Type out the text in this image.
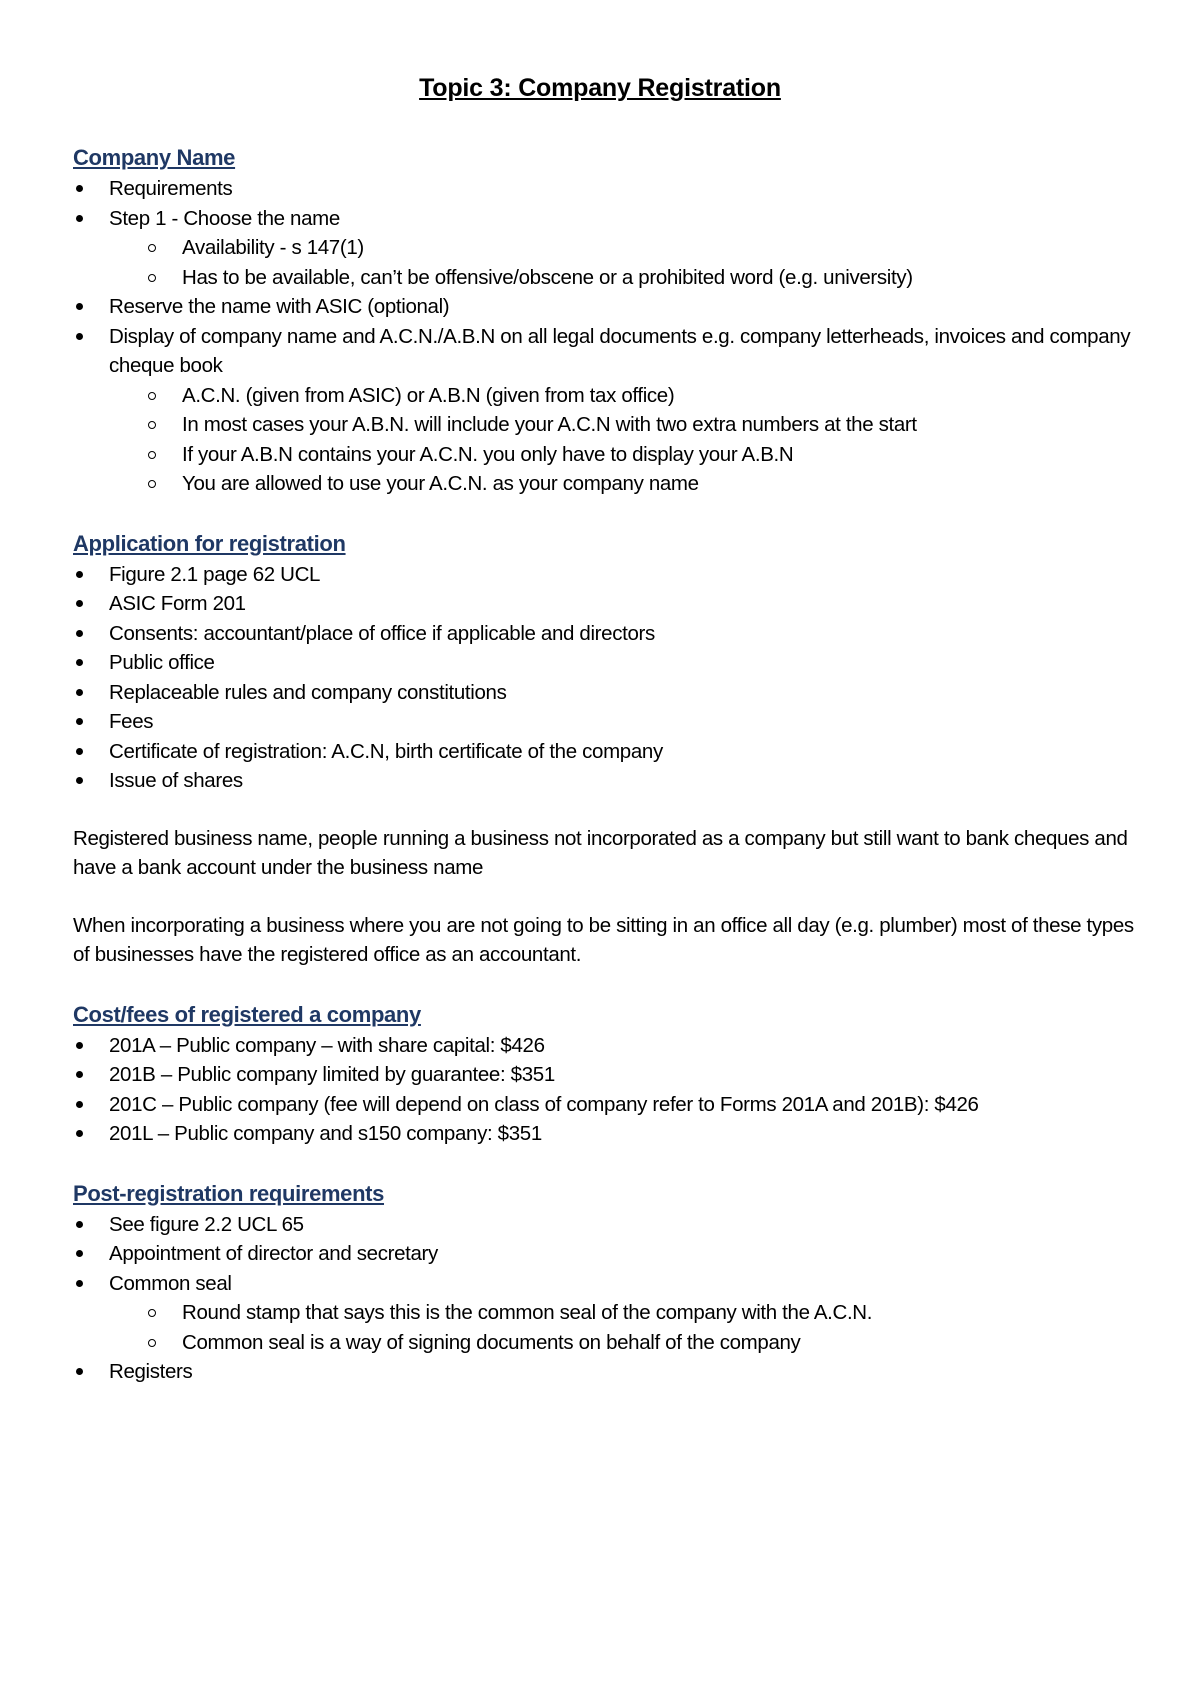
Topic 3: Company Registration
Company Name
Requirements
Step 1 - Choose the name
Availability - s 147(1)
Has to be available, can’t be offensive/obscene or a prohibited word (e.g. university)
Reserve the name with ASIC (optional)
Display of company name and A.C.N./A.B.N on all legal documents e.g. company letterheads, invoices and company cheque book
A.C.N. (given from ASIC) or A.B.N (given from tax office)
In most cases your A.B.N. will include your A.C.N with two extra numbers at the start
If your A.B.N contains your A.C.N. you only have to display your A.B.N
You are allowed to use your A.C.N. as your company name
Application for registration
Figure 2.1 page 62 UCL
ASIC Form 201
Consents: accountant/place of office if applicable and directors
Public office
Replaceable rules and company constitutions
Fees
Certificate of registration: A.C.N, birth certificate of the company
Issue of shares

Registered business name, people running a business not incorporated as a company but still want to bank cheques and have a bank account under the business name

When incorporating a business where you are not going to be sitting in an office all day (e.g. plumber) most of these types of businesses have the registered office as an accountant.

Cost/fees of registered a company
201A – Public company – with share capital: $426
201B – Public company limited by guarantee: $351
201C – Public company (fee will depend on class of company refer to Forms 201A and 201B): $426
201L – Public company and s150 company: $351
Post-registration requirements
See figure 2.2 UCL 65
Appointment of director and secretary
Common seal
Round stamp that says this is the common seal of the company with the A.C.N.
Common seal is a way of signing documents on behalf of the company
Registers
